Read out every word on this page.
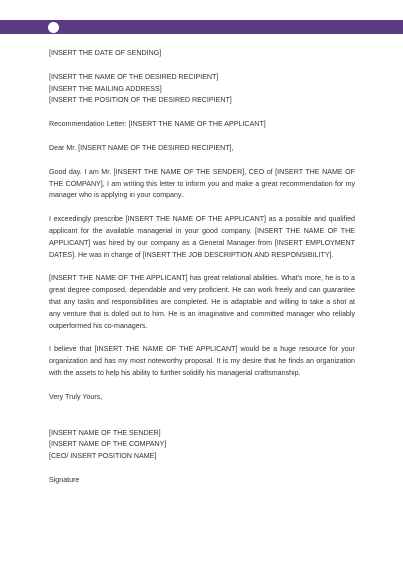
[INSERT THE DATE OF SENDING]

[INSERT THE NAME OF THE DESIRED RECIPIENT]

[INSERT THE MAILING ADDRESS]

[INSERT THE POSITION OF THE DESIRED RECIPIENT]

Recommendation Letter: [INSERT THE NAME OF THE APPLICANT]

Dear Mr. [INSERT NAME OF THE DESIRED RECIPIENT],

Good day. I am Mr. [INSERT THE NAME OF THE SENDER], CEO of [INSERT THE NAME OF THE COMPANY], I am writing this letter to inform you and make a great recommendation for my manager who is applying in your company..

I exceedingly prescribe [INSERT THE NAME OF THE APPLICANT] as a possible and qualified applicant for the available managerial in your good company. [INSERT THE NAME OF THE APPLICANT] was hired by our company as a General Manager from [INSERT EMPLOYMENT DATES]. He was in charge of [INSERT THE JOB DESCRIPTION AND RESPONSIBILITY].

[INSERT THE NAME OF THE APPLICANT] has great relational abilities. What's more, he is to a great degree composed, dependable and very proficient. He can work freely and can guarantee that any tasks and responsibilities are completed. He is adaptable and willing to take a shot at any venture that is doled out to him. He is an imaginative and committed manager who reliably outperformed his co-managers.

I believe that [INSERT THE NAME OF THE APPLICANT] would be a huge resource for your organization and has my most noteworthy proposal. It is my desire that he finds an organization with the assets to help his ability to further solidify his managerial craftsmanship.

Very Truly Yours,

[INSERT NAME OF THE SENDER]

[INSERT NAME OF THE COMPANY]

[CEO/ INSERT POSITION NAME]

Signature
